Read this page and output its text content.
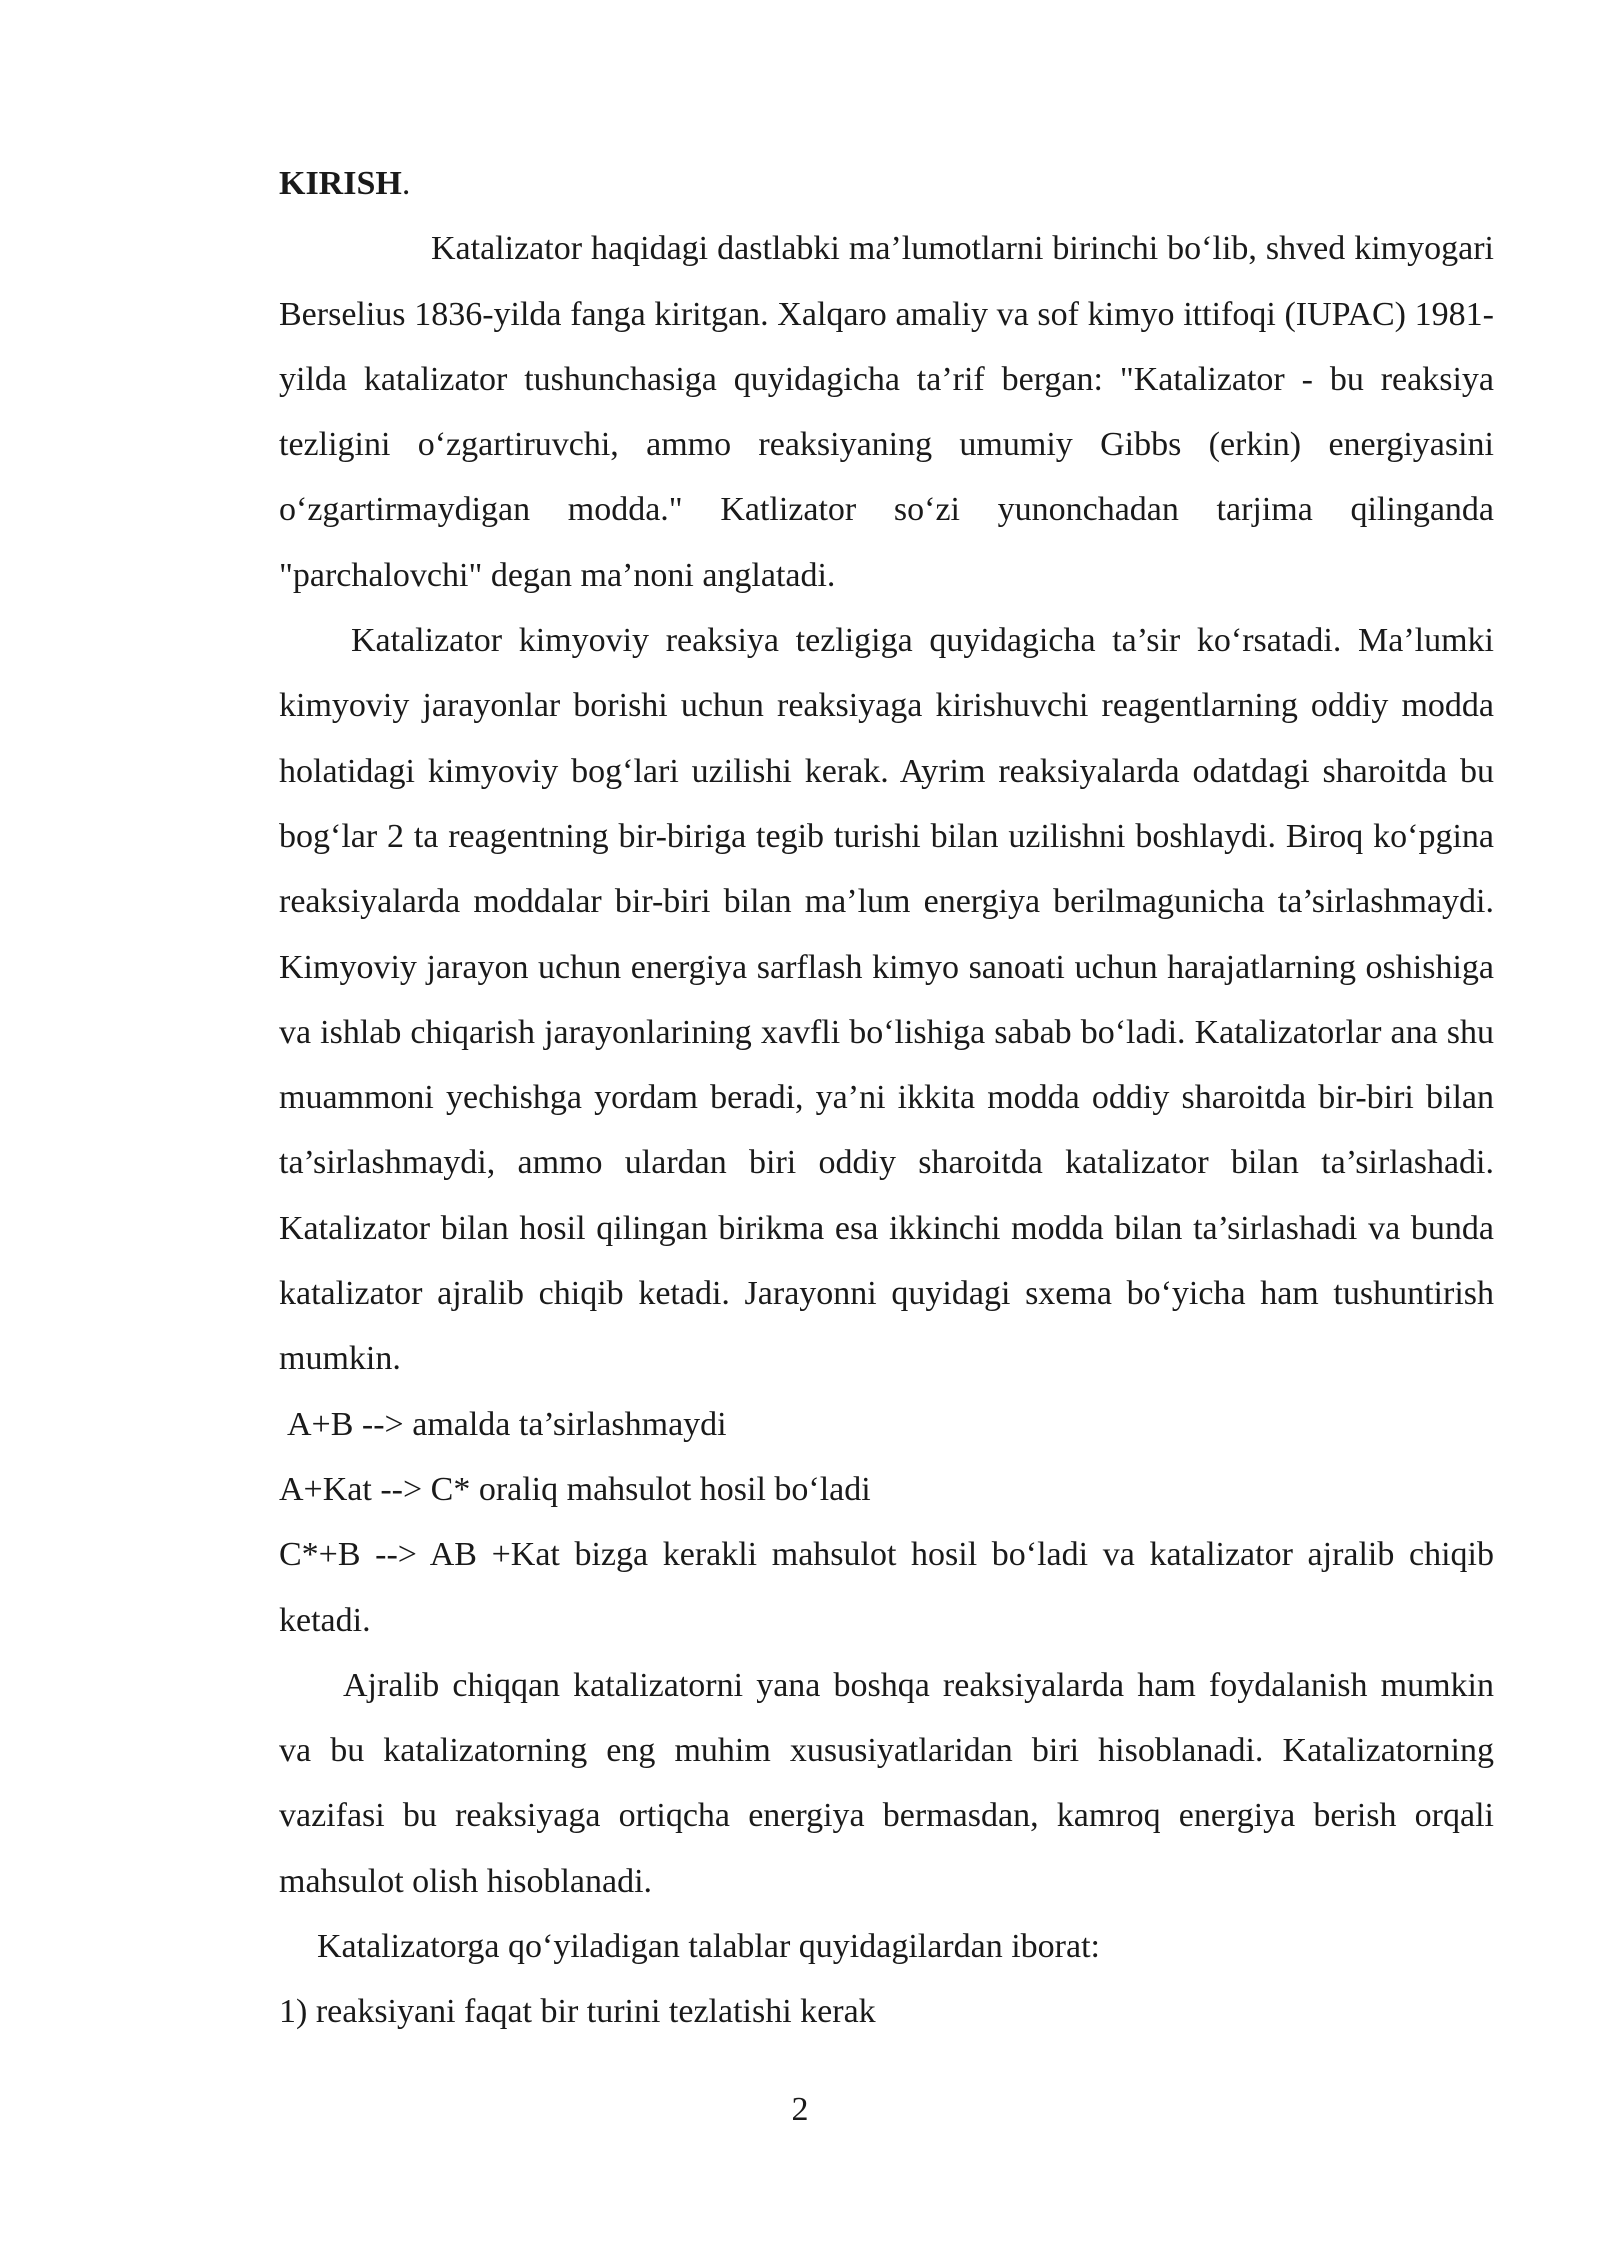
KIRISH.

Katalizator haqidagi dastlabki ma’lumotlarni birinchi bo‘lib, shved kimyogari Berselius 1836-yilda fanga kiritgan. Xalqaro amaliy va sof kimyo ittifoqi (IUPAC) 1981-yilda katalizator tushunchasiga quyidagicha ta’rif bergan: "Katalizator - bu reaksiya tezligini o‘zgartiruvchi, ammo reaksiyaning umumiy Gibbs (erkin) energiyasini o‘zgartirmaydigan modda." Katlizator so‘zi yunonchadan tarjima qilinganda "parchalovchi" degan ma’noni anglatadi.

Katalizator kimyoviy reaksiya tezligiga quyidagicha ta’sir ko‘rsatadi. Ma’lumki kimyoviy jarayonlar borishi uchun reaksiyaga kirishuvchi reagentlarning oddiy modda holatidagi kimyoviy bog‘lari uzilishi kerak. Ayrim reaksiyalarda odatdagi sharoitda bu bog‘lar 2 ta reagentning bir-biriga tegib turishi bilan uzilishni boshlaydi. Biroq ko‘pgina reaksiyalarda moddalar bir-biri bilan ma’lum energiya berilmagunicha ta’sirlashmaydi. Kimyoviy jarayon uchun energiya sarflash kimyo sanoati uchun harajatlarning oshishiga va ishlab chiqarish jarayonlarining xavfli bo‘lishiga sabab bo‘ladi. Katalizatorlar ana shu muammoni yechishga yordam beradi, ya’ni ikkita modda oddiy sharoitda bir-biri bilan ta’sirlashmaydi, ammo ulardan biri oddiy sharoitda katalizator bilan ta’sirlashadi. Katalizator bilan hosil qilingan birikma esa ikkinchi modda bilan ta’sirlashadi va bunda katalizator ajralib chiqib ketadi. Jarayonni quyidagi sxema bo‘yicha ham tushuntirish mumkin.

A+B --> amalda ta’sirlashmaydi

A+Kat --> C* oraliq mahsulot hosil bo‘ladi

C*+B --> AB +Kat bizga kerakli mahsulot hosil bo‘ladi va katalizator ajralib chiqib ketadi.

Ajralib chiqqan katalizatorni yana boshqa reaksiyalarda ham foydalanish mumkin va bu katalizatorning eng muhim xususiyatlaridan biri hisoblanadi. Katalizatorning vazifasi bu reaksiyaga ortiqcha energiya bermasdan, kamroq energiya berish orqali mahsulot olish hisoblanadi.

Katalizatorga qo‘yiladigan talablar quyidagilardan iborat:

1) reaksiyani faqat bir turini tezlatishi kerak

2
